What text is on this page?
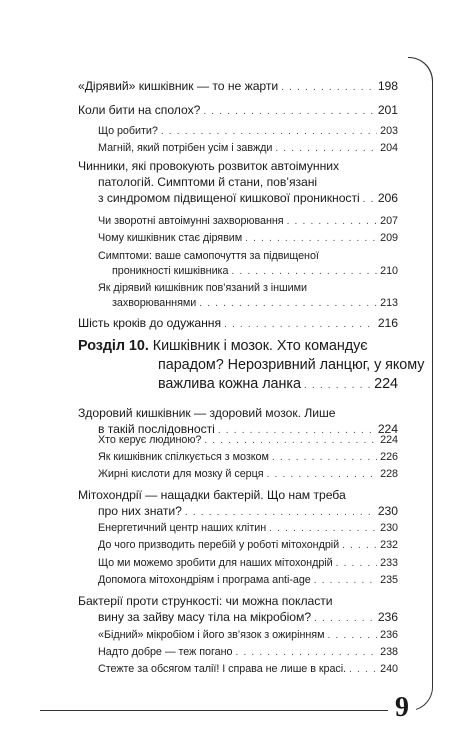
«Дірявий» кишківник — то не жарти . . .	198
Коли бити на сполох? . . .	201
Що робити? . . .	203
Магній, який потрібен усім і завжди . . .	204
Чинники, які провокують розвиток автоімунних
патологій. Симптоми й стани, пов’язані
з синдромом підвищеної кишкової проникності . . . 206
Чи зворотні автоімунні захворювання . . .	207
Чому кишківник стає дірявим . . .	209
Симптоми: ваше самопочуття за підвищеної
проникності кишківника . . .	210
Як дірявий кишківник пов’язаний з іншими
захворюваннями . . .	213
Шість кроків до одужання . . .	216
Розділ 10.
Кишківник і мозок. Хто командує
парадом? Нерозривний ланцюг, у якому
важлива кожна ланка . . .	224
Здоровий кишківник — здоровий мозок. Лише
в такій послідовності . . .	224
Хто керує людиною? . . .	224
Як кишківник спілкується з мозком . . .	226
Жирні кислоти для мозку й серця . . .	228
Мітохондрії — нащадки бактерій. Що нам треба
про них знати? . . .	230
Енергетичний центр наших клітин . . .	230
До чого призводить перебій у роботі мітохондрій . . .	232
Що ми можемо зробити для наших мітохондрій . . .	233
Допомога мітохондріям і програма anti-age . . .	235
Бактерії проти стрункості: чи можна покласти
вину за зайву масу тіла на мікробіом? . . .	236
«Бідний» мікробіом і його зв’язок з ожирінням . . .	236
Надто добре — теж погано . . .	238
Стежте за обсягом талії! І справа не лише в красі. . . .	240
9
